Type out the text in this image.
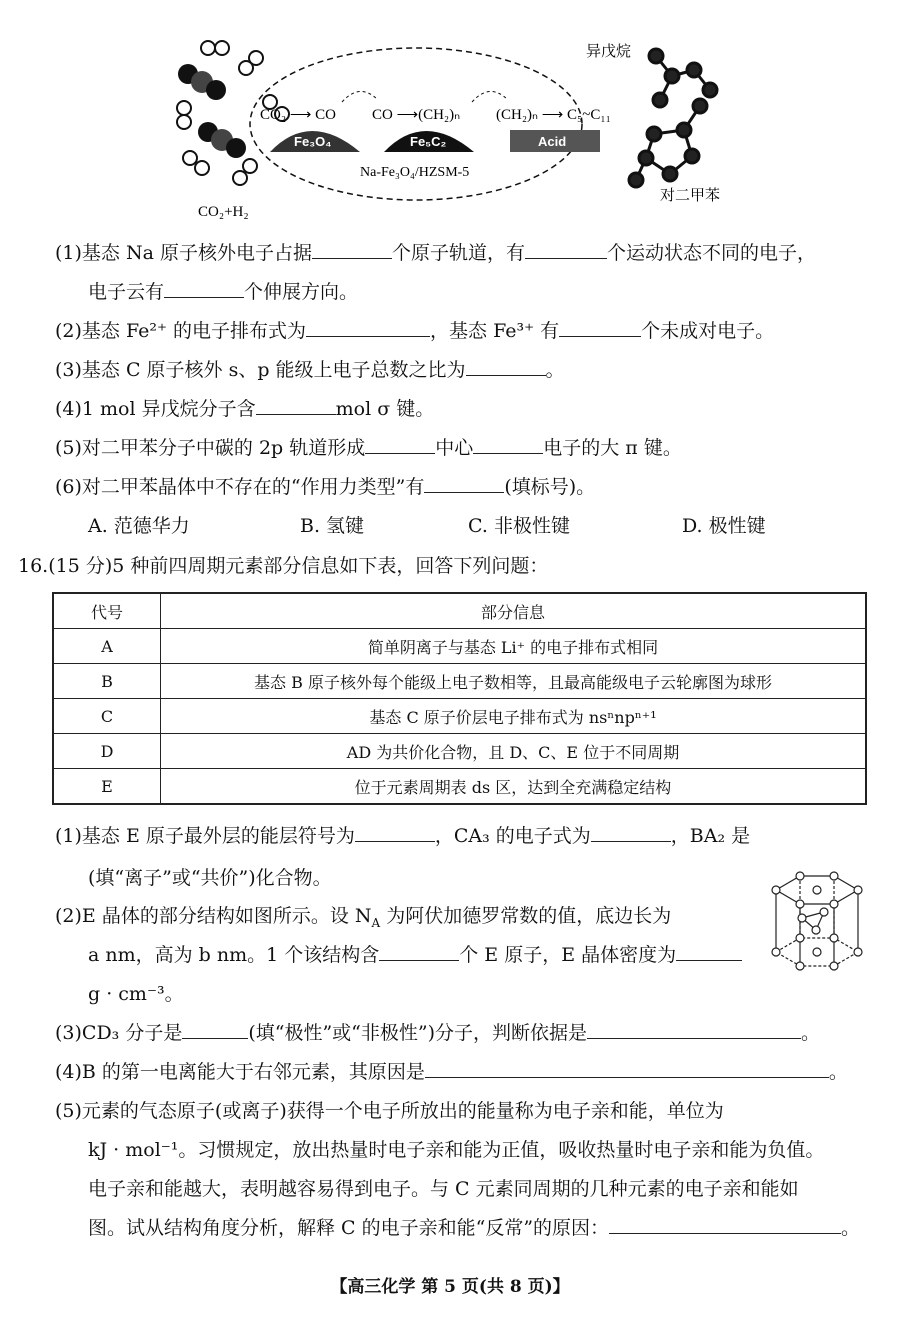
CO₂+H₂
CO₂ ⟶ CO CO ⟶(CH₂)ₙ (CH₂)ₙ ⟶ C₅~C₁₁
Fe₃O₄	Fe₅C₂	Acid
Na-Fe₃O₄/HZSM-5
异戊烷
对二甲苯
(1)基态 Na 原子核外电子占据	个原子轨道，有	个运动状态不同的电子，
电子云有	个伸展方向。
(2)基态 Fe²⁺ 的电子排布式为	，基态 Fe³⁺ 有	个未成对电子。
(3)基态 C 原子核外 s、p 能级上电子总数之比为	。
(4)1 mol 异戊烷分子含	mol σ 键。
(5)对二甲苯分子中碳的 2p 轨道形成	中心	电子的大 π 键。
(6)对二甲苯晶体中不存在的“作用力类型”有	(填标号)。
A. 范德华力	B. 氢键	C. 非极性键	D. 极性键
16.(15 分)5 种前四周期元素部分信息如下表，回答下列问题：
代号	部分信息
A	简单阴离子与基态 Li⁺ 的电子排布式相同
B	基态 B 原子核外每个能级上电子数相等，且最高能级电子云轮廓图为球形
C	基态 C 原子价层电子排布式为 nsⁿnpⁿ⁺¹
D	AD 为共价化合物，且 D、C、E 位于不同周期
E	位于元素周期表 ds 区，达到全充满稳定结构
(1)基态 E 原子最外层的能层符号为	，CA₃ 的电子式为	，BA₂ 是
(填“离子”或“共价”)化合物。
(2)E 晶体的部分结构如图所示。设 $N_A$ 为阿伏加德罗常数的值，底边长为
a nm，高为 b nm。1 个该结构含	个 E 原子，E 晶体密度为
g · cm⁻³。
(3)CD₃ 分子是	(填“极性”或“非极性”)分子，判断依据是	。
(4)B 的第一电离能大于右邻元素，其原因是	。
(5)元素的气态原子(或离子)获得一个电子所放出的能量称为电子亲和能，单位为
kJ · mol⁻¹。习惯规定，放出热量时电子亲和能为正值，吸收热量时电子亲和能为负值。
电子亲和能越大，表明越容易得到电子。与 C 元素同周期的几种元素的电子亲和能如
图。试从结构角度分析，解释 C 的电子亲和能“反常”的原因：	。
【高三化学 第 5 页(共 8 页)】
